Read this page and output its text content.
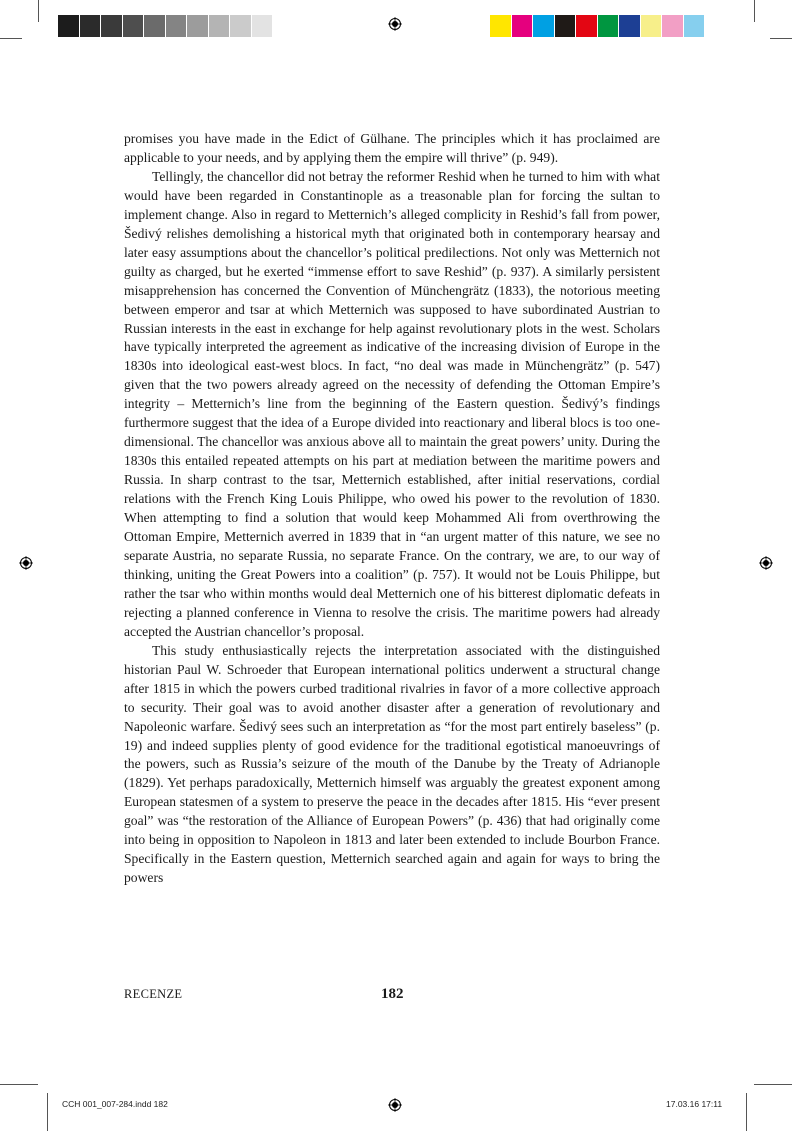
promises you have made in the Edict of Gülhane. The principles which it has proclaimed are applicable to your needs, and by applying them the empire will thrive” (p. 949).

Tellingly, the chancellor did not betray the reformer Reshid when he turned to him with what would have been regarded in Constantinople as a treasonable plan for forcing the sultan to implement change. Also in regard to Metternich’s alleged complicity in Reshid’s fall from power, Šedivý relishes demolishing a historical myth that originated both in contemporary hearsay and later easy assumptions about the chancellor’s political predilections. Not only was Metternich not guilty as charged, but he exerted “immense effort to save Reshid” (p. 937). A similarly persistent misapprehension has concerned the Convention of Münchengrätz (1833), the notorious meeting between emperor and tsar at which Metternich was supposed to have subordinated Austrian to Russian interests in the east in exchange for help against revolutionary plots in the west. Scholars have typically interpreted the agreement as indicative of the increasing division of Europe in the 1830s into ideological east-west blocs. In fact, “no deal was made in Münchengrätz” (p. 547) given that the two powers already agreed on the necessity of defending the Ottoman Empire’s integrity – Metternich’s line from the beginning of the Eastern question. Šedivý’s findings furthermore suggest that the idea of a Europe divided into reactionary and liberal blocs is too one-dimensional. The chancellor was anxious above all to maintain the great powers’ unity. During the 1830s this entailed repeated attempts on his part at mediation between the maritime powers and Russia. In sharp contrast to the tsar, Metternich established, after initial reservations, cordial relations with the French King Louis Philippe, who owed his power to the revolution of 1830. When attempting to find a solution that would keep Mohammed Ali from overthrowing the Ottoman Empire, Metternich averred in 1839 that in “an urgent matter of this nature, we see no separate Austria, no separate Russia, no separate France. On the contrary, we are, to our way of thinking, uniting the Great Powers into a coalition” (p. 757). It would not be Louis Philippe, but rather the tsar who within months would deal Metternich one of his bitterest diplomatic defeats in rejecting a planned conference in Vienna to resolve the crisis. The maritime powers had already accepted the Austrian chancellor’s proposal.

This study enthusiastically rejects the interpretation associated with the distinguished historian Paul W. Schroeder that European international politics underwent a structural change after 1815 in which the powers curbed traditional rivalries in favor of a more collective approach to security. Their goal was to avoid another disaster after a generation of revolutionary and Napoleonic warfare. Šedivý sees such an interpretation as “for the most part entirely baseless” (p. 19) and indeed supplies plenty of good evidence for the traditional egotistical manoeuvrings of the powers, such as Russia’s seizure of the mouth of the Danube by the Treaty of Adrianople (1829). Yet perhaps paradoxically, Metternich himself was arguably the greatest exponent among European statesmen of a system to preserve the peace in the decades after 1815. His “ever present goal” was “the restoration of the Alliance of European Powers” (p. 436) that had originally come into being in opposition to Napoleon in 1813 and later been extended to include Bourbon France. Specifically in the Eastern question, Metternich searched again and again for ways to bring the powers

RECENZE	182
CCH 001_007-284.indd 182	17.03.16 17:11
